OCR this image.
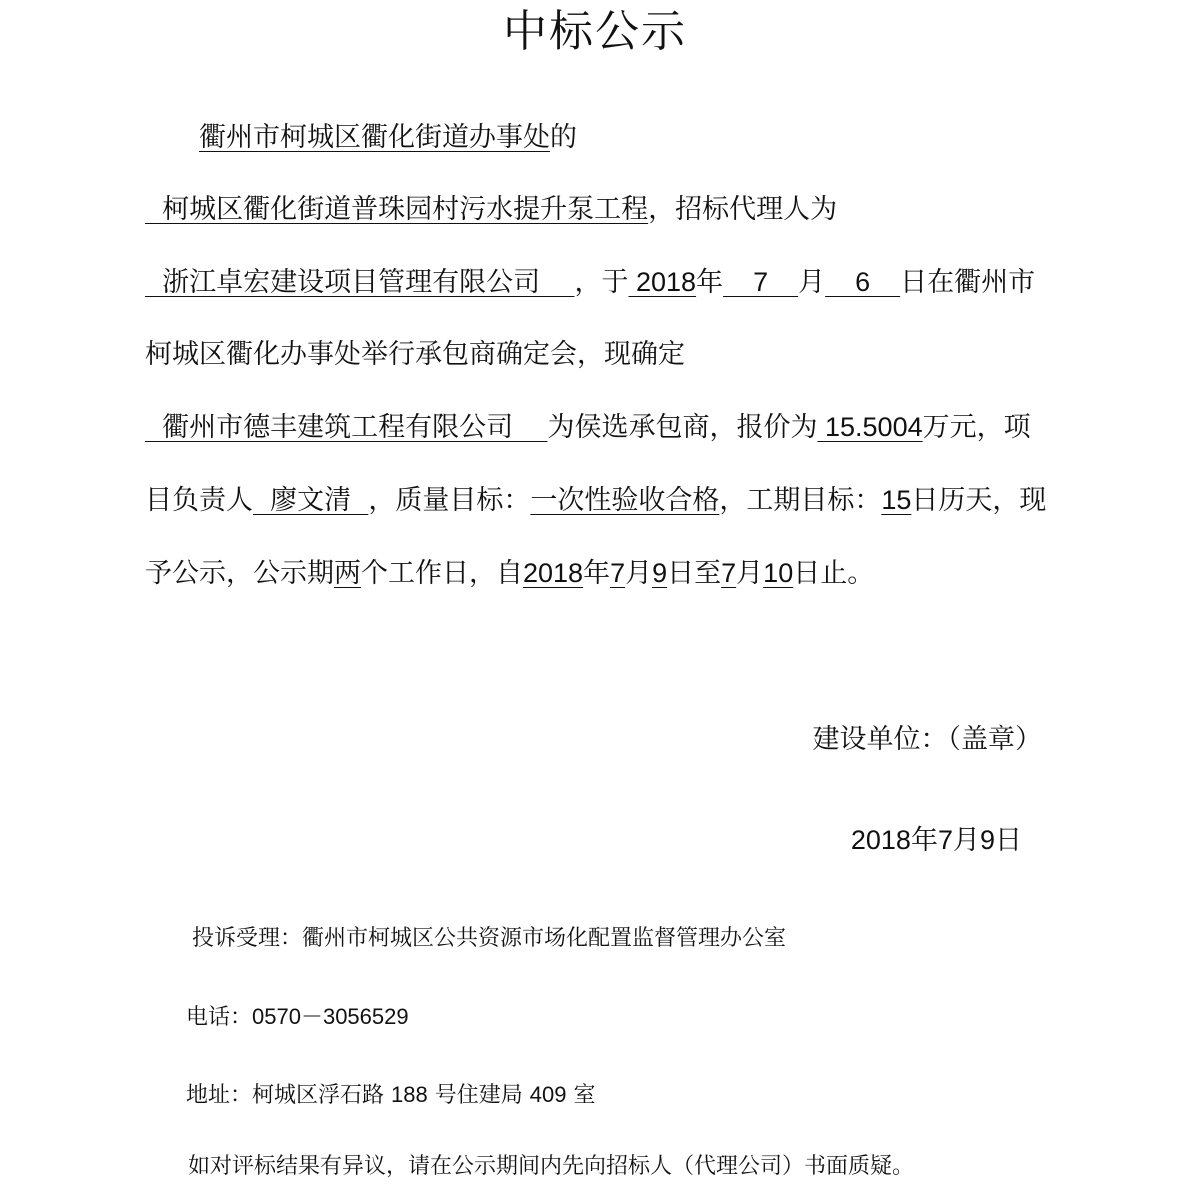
中标公示
衢州市柯城区衢化街道办事处的  柯城区衢化街道普珠园村污水提升泵工程，招标代理人为  浙江卓宏建设项目管理有限公司    ，于 2018年    7    月    6    日在衢州市柯城区衢化办事处举行承包商确定会，现确定  衢州市德丰建筑工程有限公司    为侯选承包商，报价为 15.5004万元，项目负责人  廖文清  ，质量目标：一次性验收合格，工期目标：15日历天，现予公示，公示期两个工作日，自2018年7月9日至7月10日止。
建设单位：（盖章）
2018年7月9日
投诉受理：衢州市柯城区公共资源市场化配置监督管理办公室
电话：0570－3056529
地址：柯城区浮石路 188 号住建局 409 室
如对评标结果有异议，请在公示期间内先向招标人（代理公司）书面质疑。
